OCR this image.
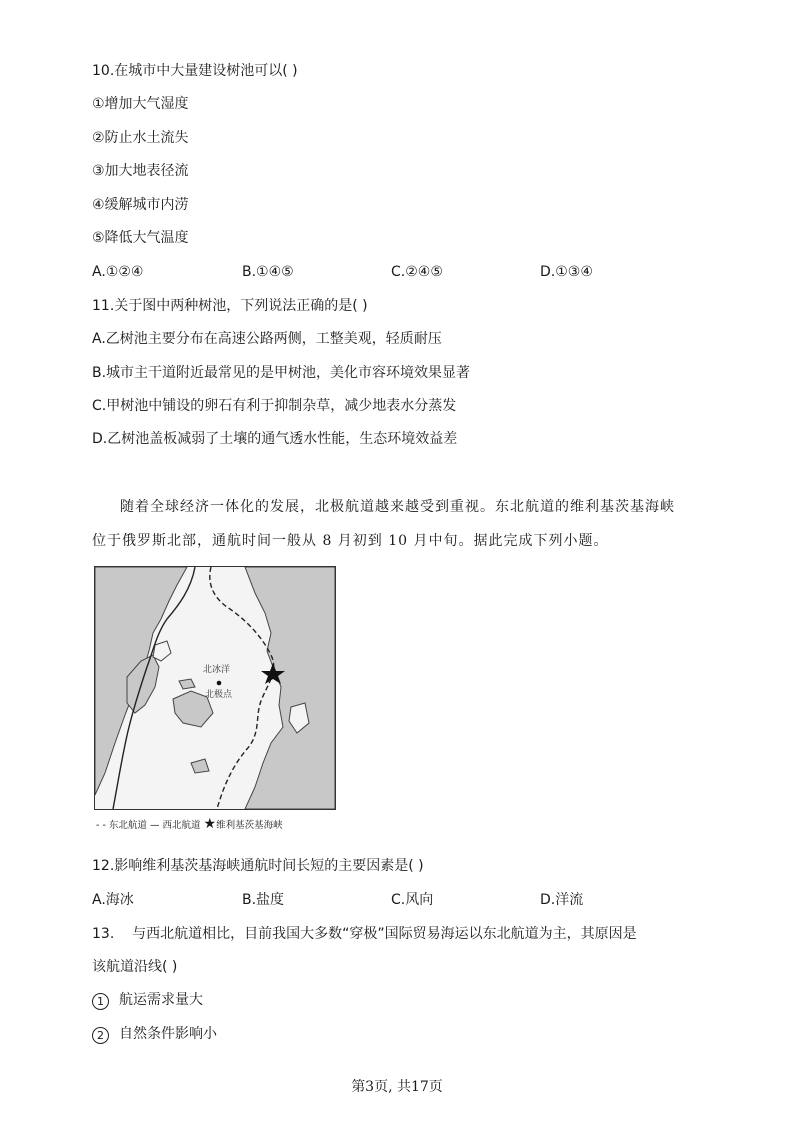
10.在城市中大量建设树池可以( )
①增加大气湿度
②防止水土流失
③加大地表径流
④缓解城市内涝
⑤降低大气温度
A.①②④	B.①④⑤	C.②④⑤	D.①③④
11.关于图中两种树池，下列说法正确的是( )
A.乙树池主要分布在高速公路两侧，工整美观，轻质耐压
B.城市主干道附近最常见的是甲树池，美化市容环境效果显著
C.甲树池中铺设的卵石有利于抑制杂草，减少地表水分蒸发
D.乙树池盖板减弱了土壤的通气透水性能，生态环境效益差
随着全球经济一体化的发展，北极航道越来越受到重视。东北航道的维利基茨基海峡
位于俄罗斯北部，通航时间一般从 8 月初到 10 月中旬。据此完成下列小题。
北冰洋
北极点
- - 东北航道 — 西北航道 ★维利基茨基海峡
12.影响维利基茨基海峡通航时间长短的主要因素是( )
A.海冰	B.盐度	C.风向	D.洋流
13.    与西北航道相比，目前我国大多数“穿极”国际贸易海运以东北航道为主，其原因是
该航道沿线( )
1 航运需求量大
2 自然条件影响小
第3页, 共17页
